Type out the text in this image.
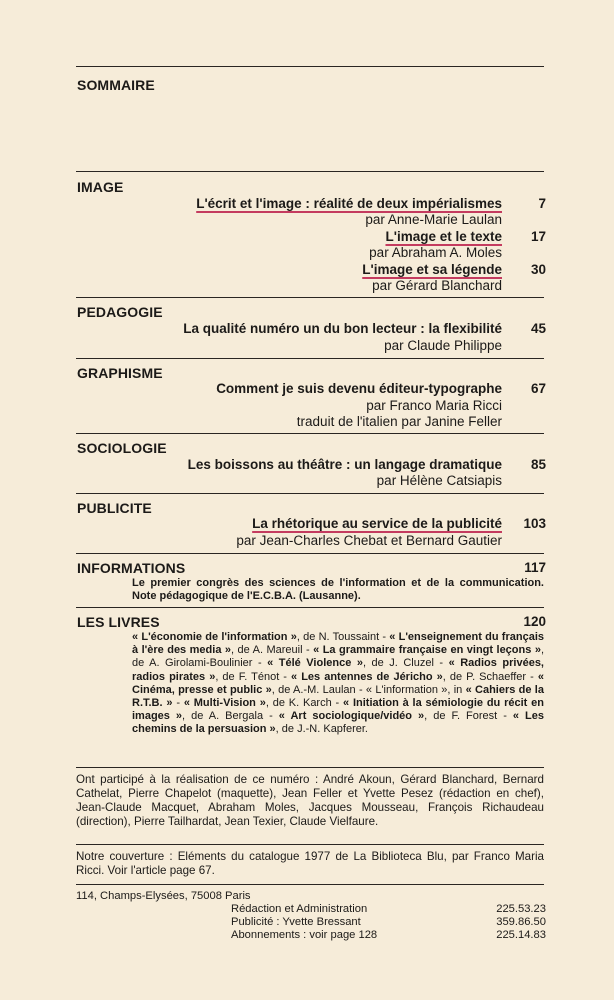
SOMMAIRE
IMAGE
L'écrit et l'image : réalité de deux impérialismes	7
par Anne-Marie Laulan
L'image et le texte 17
par Abraham A. Moles
L'image et sa légende 30
par Gérard Blanchard
PEDAGOGIE
La qualité numéro un du bon lecteur : la flexibilité 45
par Claude Philippe
GRAPHISME
Comment je suis devenu éditeur-typographe 67
par Franco Maria Ricci
traduit de l'italien par Janine Feller
SOCIOLOGIE
Les boissons au théâtre : un langage dramatique 85
par Hélène Catsiapis
PUBLICITE
La rhétorique au service de la publicité 103
par Jean-Charles Chebat et Bernard Gautier
INFORMATIONS	117
Le premier congrès des sciences de l'information et de la communication. Note pédagogique de l'E.C.B.A. (Lausanne).
LES LIVRES	120
« L'économie de l'information », de N. Toussaint - « L'enseignement du français à l'ère des media », de A. Mareuil - « La grammaire française en vingt leçons », de A. Girolami-Boulinier - « Télé Violence », de J. Cluzel - « Radios privées, radios pirates », de F. Ténot - « Les antennes de Jéricho », de P. Schaeffer - « Cinéma, presse et public », de A.-M. Laulan - « L'information », in « Cahiers de la R.T.B. » - « Multi-Vision », de K. Karch - « Initiation à la sémiologie du récit en images », de A. Bergala - « Art sociologique/vidéo », de F. Forest - « Les chemins de la persuasion », de J.-N. Kapferer.
Ont participé à la réalisation de ce numéro : André Akoun, Gérard Blanchard, Bernard Cathelat, Pierre Chapelot (maquette), Jean Feller et Yvette Pesez (rédaction en chef), Jean-Claude Macquet, Abraham Moles, Jacques Mousseau, François Richaudeau (direction), Pierre Tailhardat, Jean Texier, Claude Vielfaure.
Notre couverture : Eléments du catalogue 1977 de La Biblioteca Blu, par Franco Maria Ricci. Voir l'article page 67.
114, Champs-Elysées, 75008 Paris
Rédaction et Administration	225.53.23
Publicité : Yvette Bressant	359.86.50
Abonnements : voir page 128	225.14.83
